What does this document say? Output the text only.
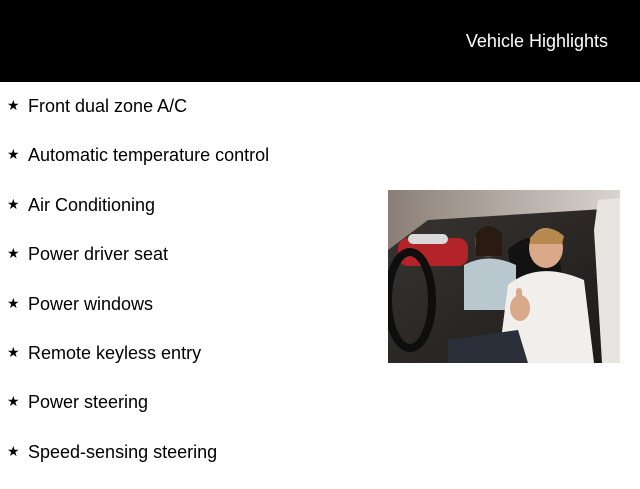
Vehicle Highlights
★ Front dual zone A/C
★ Automatic temperature control
★ Air Conditioning
★ Power driver seat
★ Power windows
★ Remote keyless entry
★ Power steering
★ Speed-sensing steering
